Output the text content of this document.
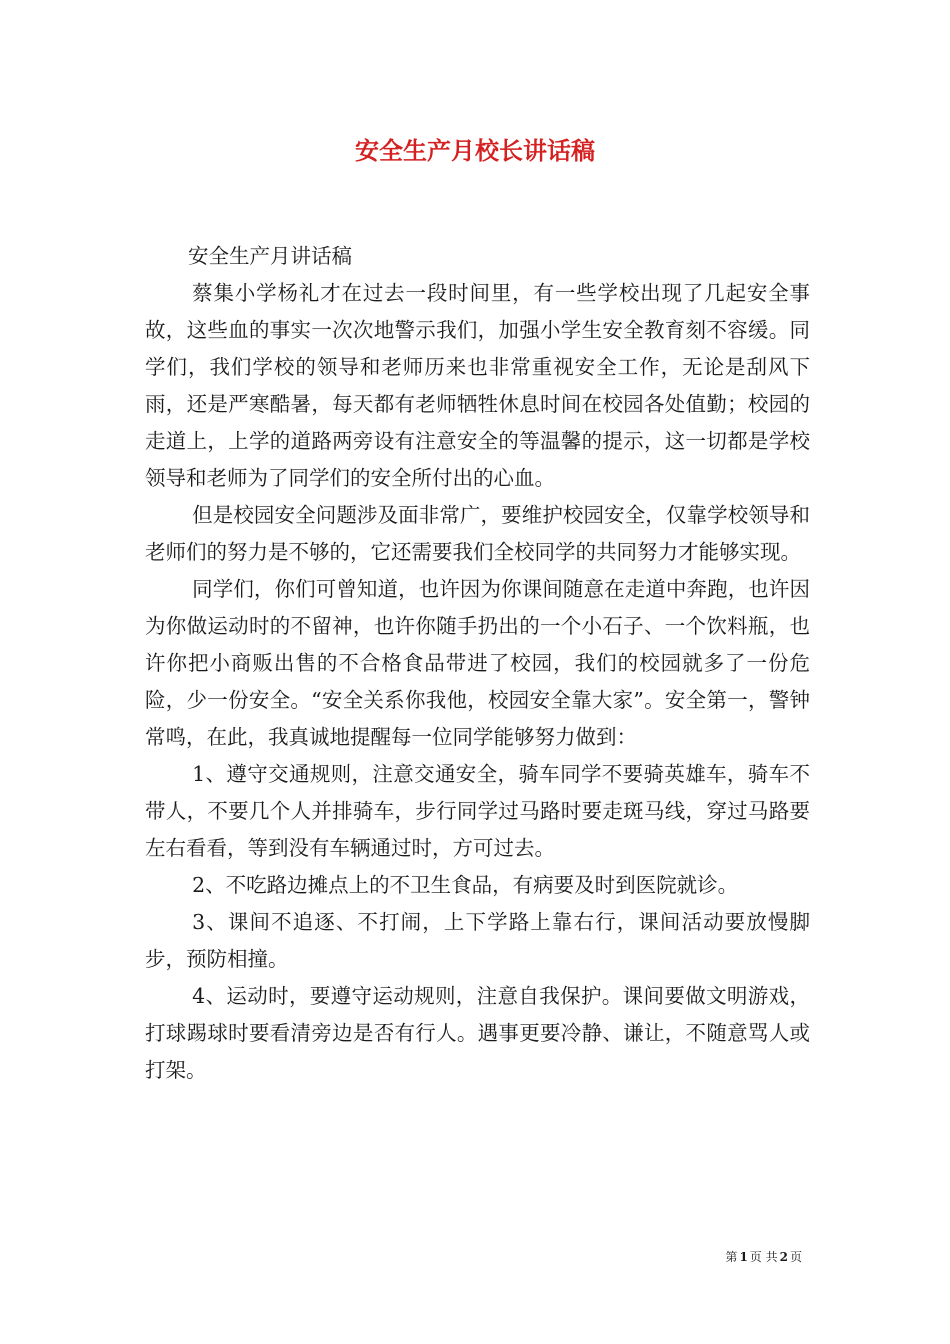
安全生产月校长讲话稿

安全生产月讲话稿

蔡集小学杨礼才在过去一段时间里，有一些学校出现了几起安全事故，这些血的事实一次次地警示我们，加强小学生安全教育刻不容缓。同学们，我们学校的领导和老师历来也非常重视安全工作，无论是刮风下雨，还是严寒酷暑，每天都有老师牺牲休息时间在校园各处值勤；校园的走道上，上学的道路两旁设有注意安全的等温馨的提示，这一切都是学校领导和老师为了同学们的安全所付出的心血。

但是校园安全问题涉及面非常广，要维护校园安全，仅靠学校领导和老师们的努力是不够的，它还需要我们全校同学的共同努力才能够实现。

同学们，你们可曾知道，也许因为你课间随意在走道中奔跑，也许因为你做运动时的不留神，也许你随手扔出的一个小石子、一个饮料瓶，也许你把小商贩出售的不合格食品带进了校园，我们的校园就多了一份危险，少一份安全。“安全关系你我他，校园安全靠大家”。安全第一，警钟常鸣，在此，我真诚地提醒每一位同学能够努力做到：

1、遵守交通规则，注意交通安全，骑车同学不要骑英雄车，骑车不带人，不要几个人并排骑车，步行同学过马路时要走斑马线，穿过马路要左右看看，等到没有车辆通过时，方可过去。

2、不吃路边摊点上的不卫生食品，有病要及时到医院就诊。

3、课间不追逐、不打闹，上下学路上靠右行，课间活动要放慢脚步，预防相撞。

4、运动时，要遵守运动规则，注意自我保护。课间要做文明游戏，打球踢球时要看清旁边是否有行人。遇事更要冷静、谦让，不随意骂人或打架。

第 1 页 共 2 页
